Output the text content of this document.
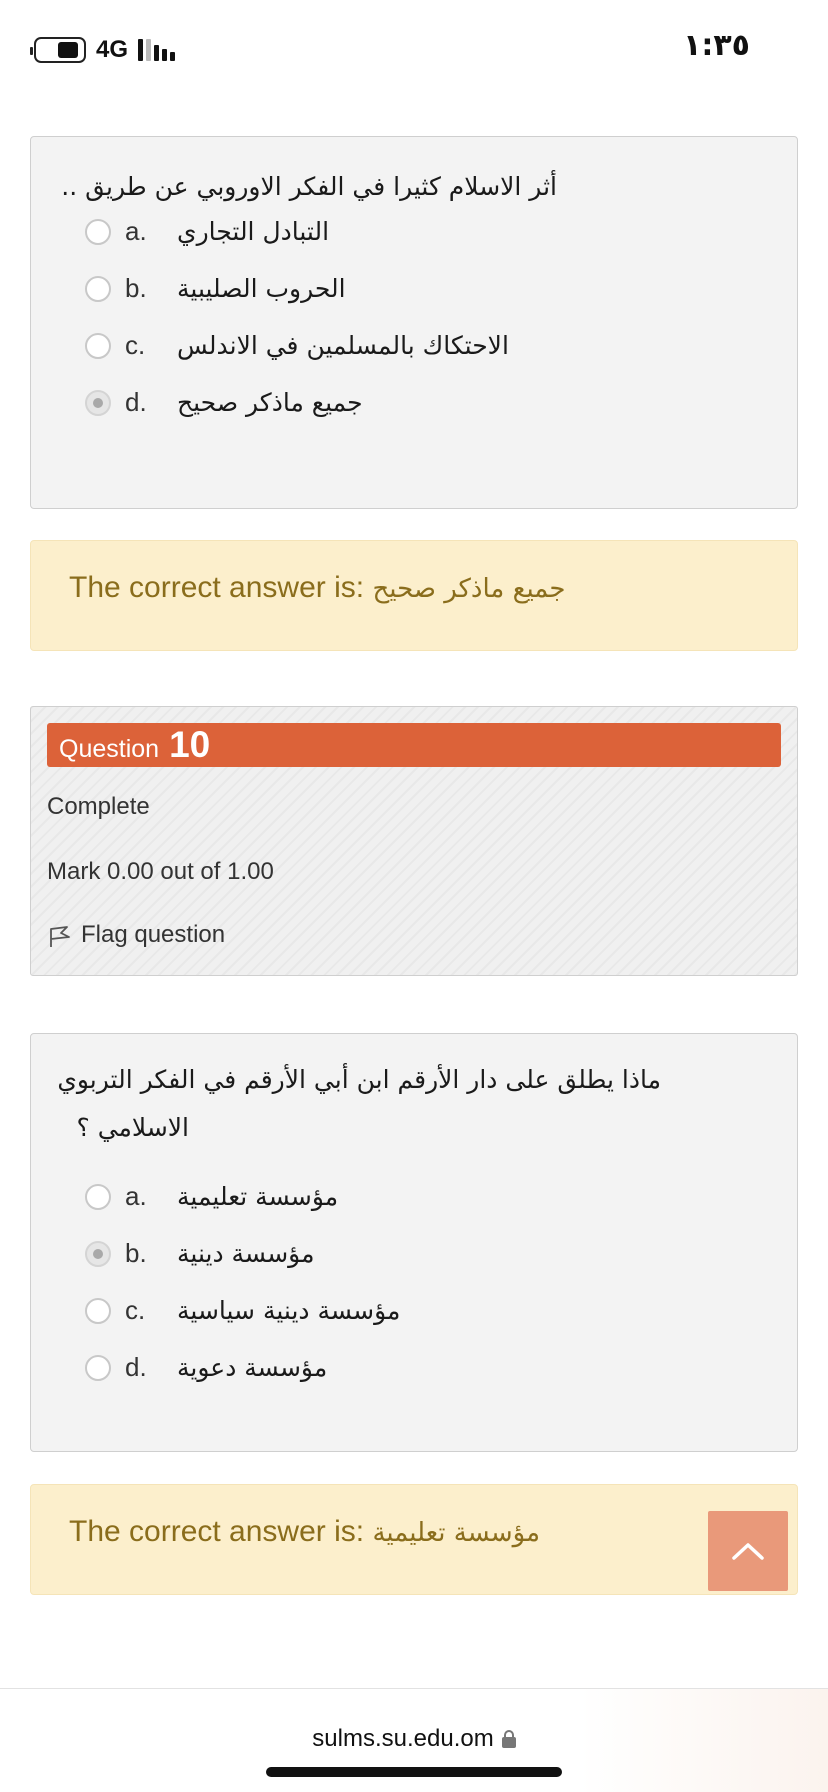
4G	١:٣٥
أثر الاسلام كثيرا في الفكر الاوروبي عن طريق ..
a.	التبادل التجاري
b.	الحروب الصليبية
c.	الاحتكاك بالمسلمين في الاندلس
d.	جميع ماذكر صحيح
The correct answer is: جميع ماذكر صحيح
Question 10
Complete
Mark 0.00 out of 1.00
Flag question
ماذا يطلق على دار الأرقم ابن أبي الأرقم في الفكر التربوي
الاسلامي ؟
a.	مؤسسة تعليمية
b.	مؤسسة دينية
c.	مؤسسة دينية سياسية
d.	مؤسسة دعوية
The correct answer is: مؤسسة تعليمية
sulms.su.edu.om
